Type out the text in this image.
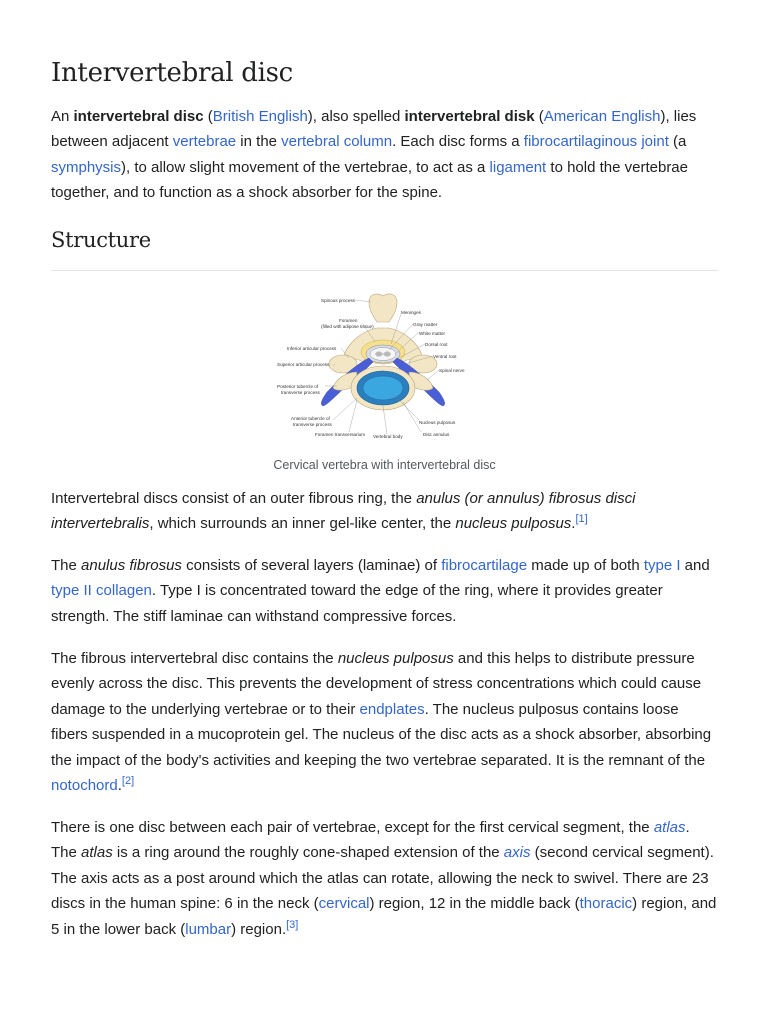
Intervertebral disc

An intervertebral disc (British English), also spelled intervertebral disk (American English), lies between adjacent vertebrae in the vertebral column. Each disc forms a fibrocartilaginous joint (a symphysis), to allow slight movement of the vertebrae, to act as a ligament to hold the vertebrae together, and to function as a shock absorber for the spine.

Structure
Spinous process
Foramen
(filled with adipose tissue)
Meninges
Gray matter
White matter
Dorsal root
Inferior articular process
Ventral root
Superior articular process
Spinal nerve
Posterior tubercle of
transverse process
Anterior tubercle of
transverse process	Nucleus pulposus
Foramen transversarium Vertebral body	Disc annulus
Cervical vertebra with intervertebral disc

Intervertebral discs consist of an outer fibrous ring, the anulus (or annulus) fibrosus disci intervertebralis, which surrounds an inner gel-like center, the nucleus pulposus.[1]

The anulus fibrosus consists of several layers (laminae) of fibrocartilage made up of both type I and type II collagen. Type I is concentrated toward the edge of the ring, where it provides greater strength. The stiff laminae can withstand compressive forces.

The fibrous intervertebral disc contains the nucleus pulposus and this helps to distribute pressure evenly across the disc. This prevents the development of stress concentrations which could cause damage to the underlying vertebrae or to their endplates. The nucleus pulposus contains loose fibers suspended in a mucoprotein gel. The nucleus of the disc acts as a shock absorber, absorbing the impact of the body's activities and keeping the two vertebrae separated. It is the remnant of the notochord.[2]

There is one disc between each pair of vertebrae, except for the first cervical segment, the atlas. The atlas is a ring around the roughly cone-shaped extension of the axis (second cervical segment). The axis acts as a post around which the atlas can rotate, allowing the neck to swivel. There are 23 discs in the human spine: 6 in the neck (cervical) region, 12 in the middle back (thoracic) region, and 5 in the lower back (lumbar) region.[3]
